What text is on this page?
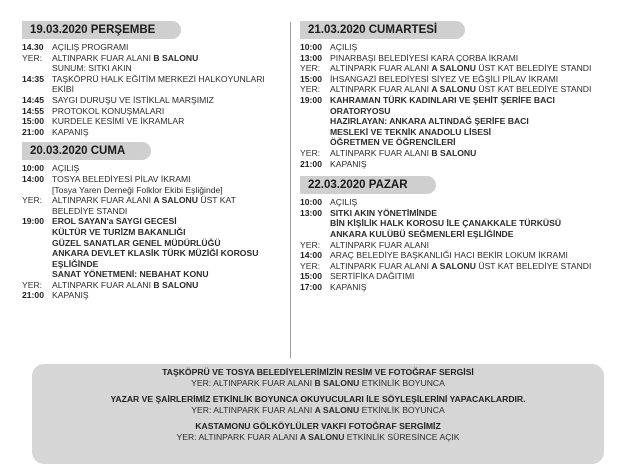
19.03.2020 PERŞEMBE
14.30 AÇILIŞ PROGRAMI
YER:	ALTINPARK FUAR ALANI B SALONU
SUNUM: SITKI AKIN
14:35 TAŞKÖPRÜ HALK EĞİTİM MERKEZİ HALKOYUNLARI EKİBİ
14:45 SAYGI DURUŞU VE İSTİKLAL MARŞIMIZ
14:55 PROTOKOL KONUŞMALARI
15:00 KURDELE KESİMİ VE İKRAMLAR
21:00 KAPANIŞ
20.03.2020 CUMA
10:00 AÇILIŞ
14:00 TOSYA BELEDİYESİ PİLAV İKRAMI
[Tosya Yaren Derneği Folklor Ekibi Eşliğinde]
YER:	ALTINPARK FUAR ALANI A SALONU ÜST KAT
BELEDİYE STANDI
19:00 EROL SAYAN'a SAYGI GECESİ
KÜLTÜR VE TURİZM BAKANLIĞI
GÜZEL SANATLAR GENEL MÜDÜRLÜĞÜ
ANKARA DEVLET KLASİK TÜRK MÜZİĞİ KOROSU EŞLİĞİNDE
SANAT YÖNETMENİ: NEBAHAT KONU
YER:	ALTINPARK FUAR ALANI B SALONU
21:00 KAPANIŞ
21.03.2020 CUMARTESİ
10:00 AÇILIŞ
13:00 PINARBAŞI BELEDİYESİ KARA ÇORBA İKRAMI
YER:	ALTINPARK FUAR ALANI A SALONU ÜST KAT BELEDİYE STANDI
15:00 İHSANGAZİ BELEDİYESİ SİYEZ VE EĞŞİLİ PİLAV İKRAMI
YER:	ALTINPARK FUAR ALANI A SALONU ÜST KAT BELEDİYE STANDI
19:00 KAHRAMAN TÜRK KADINLARI VE ŞEHİT ŞERİFE BACI
ORATORYOSU
HAZIRLAYAN: ANKARA ALTINDAĞ ŞERİFE BACI
MESLEKİ VE TEKNİK ANADOLU LİSESİ
ÖĞRETMEN VE ÖĞRENCİLERİ
YER:	ALTINPARK FUAR ALANI B SALONU
21:00 KAPANIŞ
22.03.2020 PAZAR
10:00 AÇILIŞ
13:00 SITKI AKIN YÖNETİMİNDE
BİN KİŞİLİK HALK KOROSU İLE ÇANAKKALE TÜRKÜSÜ
ANKARA KULÜBÜ SEĞMENLERİ EŞLİĞİNDE
YER:	ALTINPARK FUAR ALANI
14:00 ARAÇ BELEDİYE BAŞKANLIĞI HACI BEKİR LOKUM İKRAMI
YER:	ALTINPARK FUAR ALANI A SALONU ÜST KAT BELEDİYE STANDI
15:00 SERTİFİKA DAĞITIMI
17:00 KAPANIŞ
TAŞKÖPRÜ VE TOSYA BELEDİYELERİMİZİN RESİM VE FOTOĞRAF SERGİSİ
YER: ALTINPARK FUAR ALANI B SALONU ETKİNLİK BOYUNCA
YAZAR VE ŞAİRLERİMİZ ETKİNLİK BOYUNCA OKUYUCULARI İLE SÖYLEŞİLERİNİ YAPACAKLARDIR.
YER: ALTINPARK FUAR ALANI A SALONU ETKİNLİK BOYUNCA
KASTAMONU GÖLKÖYLÜLER VAKFI FOTOĞRAF SERGİMİZ
YER: ALTINPARK FUAR ALANI A SALONU ETKİNLİK SÜRESİNCE AÇIK
